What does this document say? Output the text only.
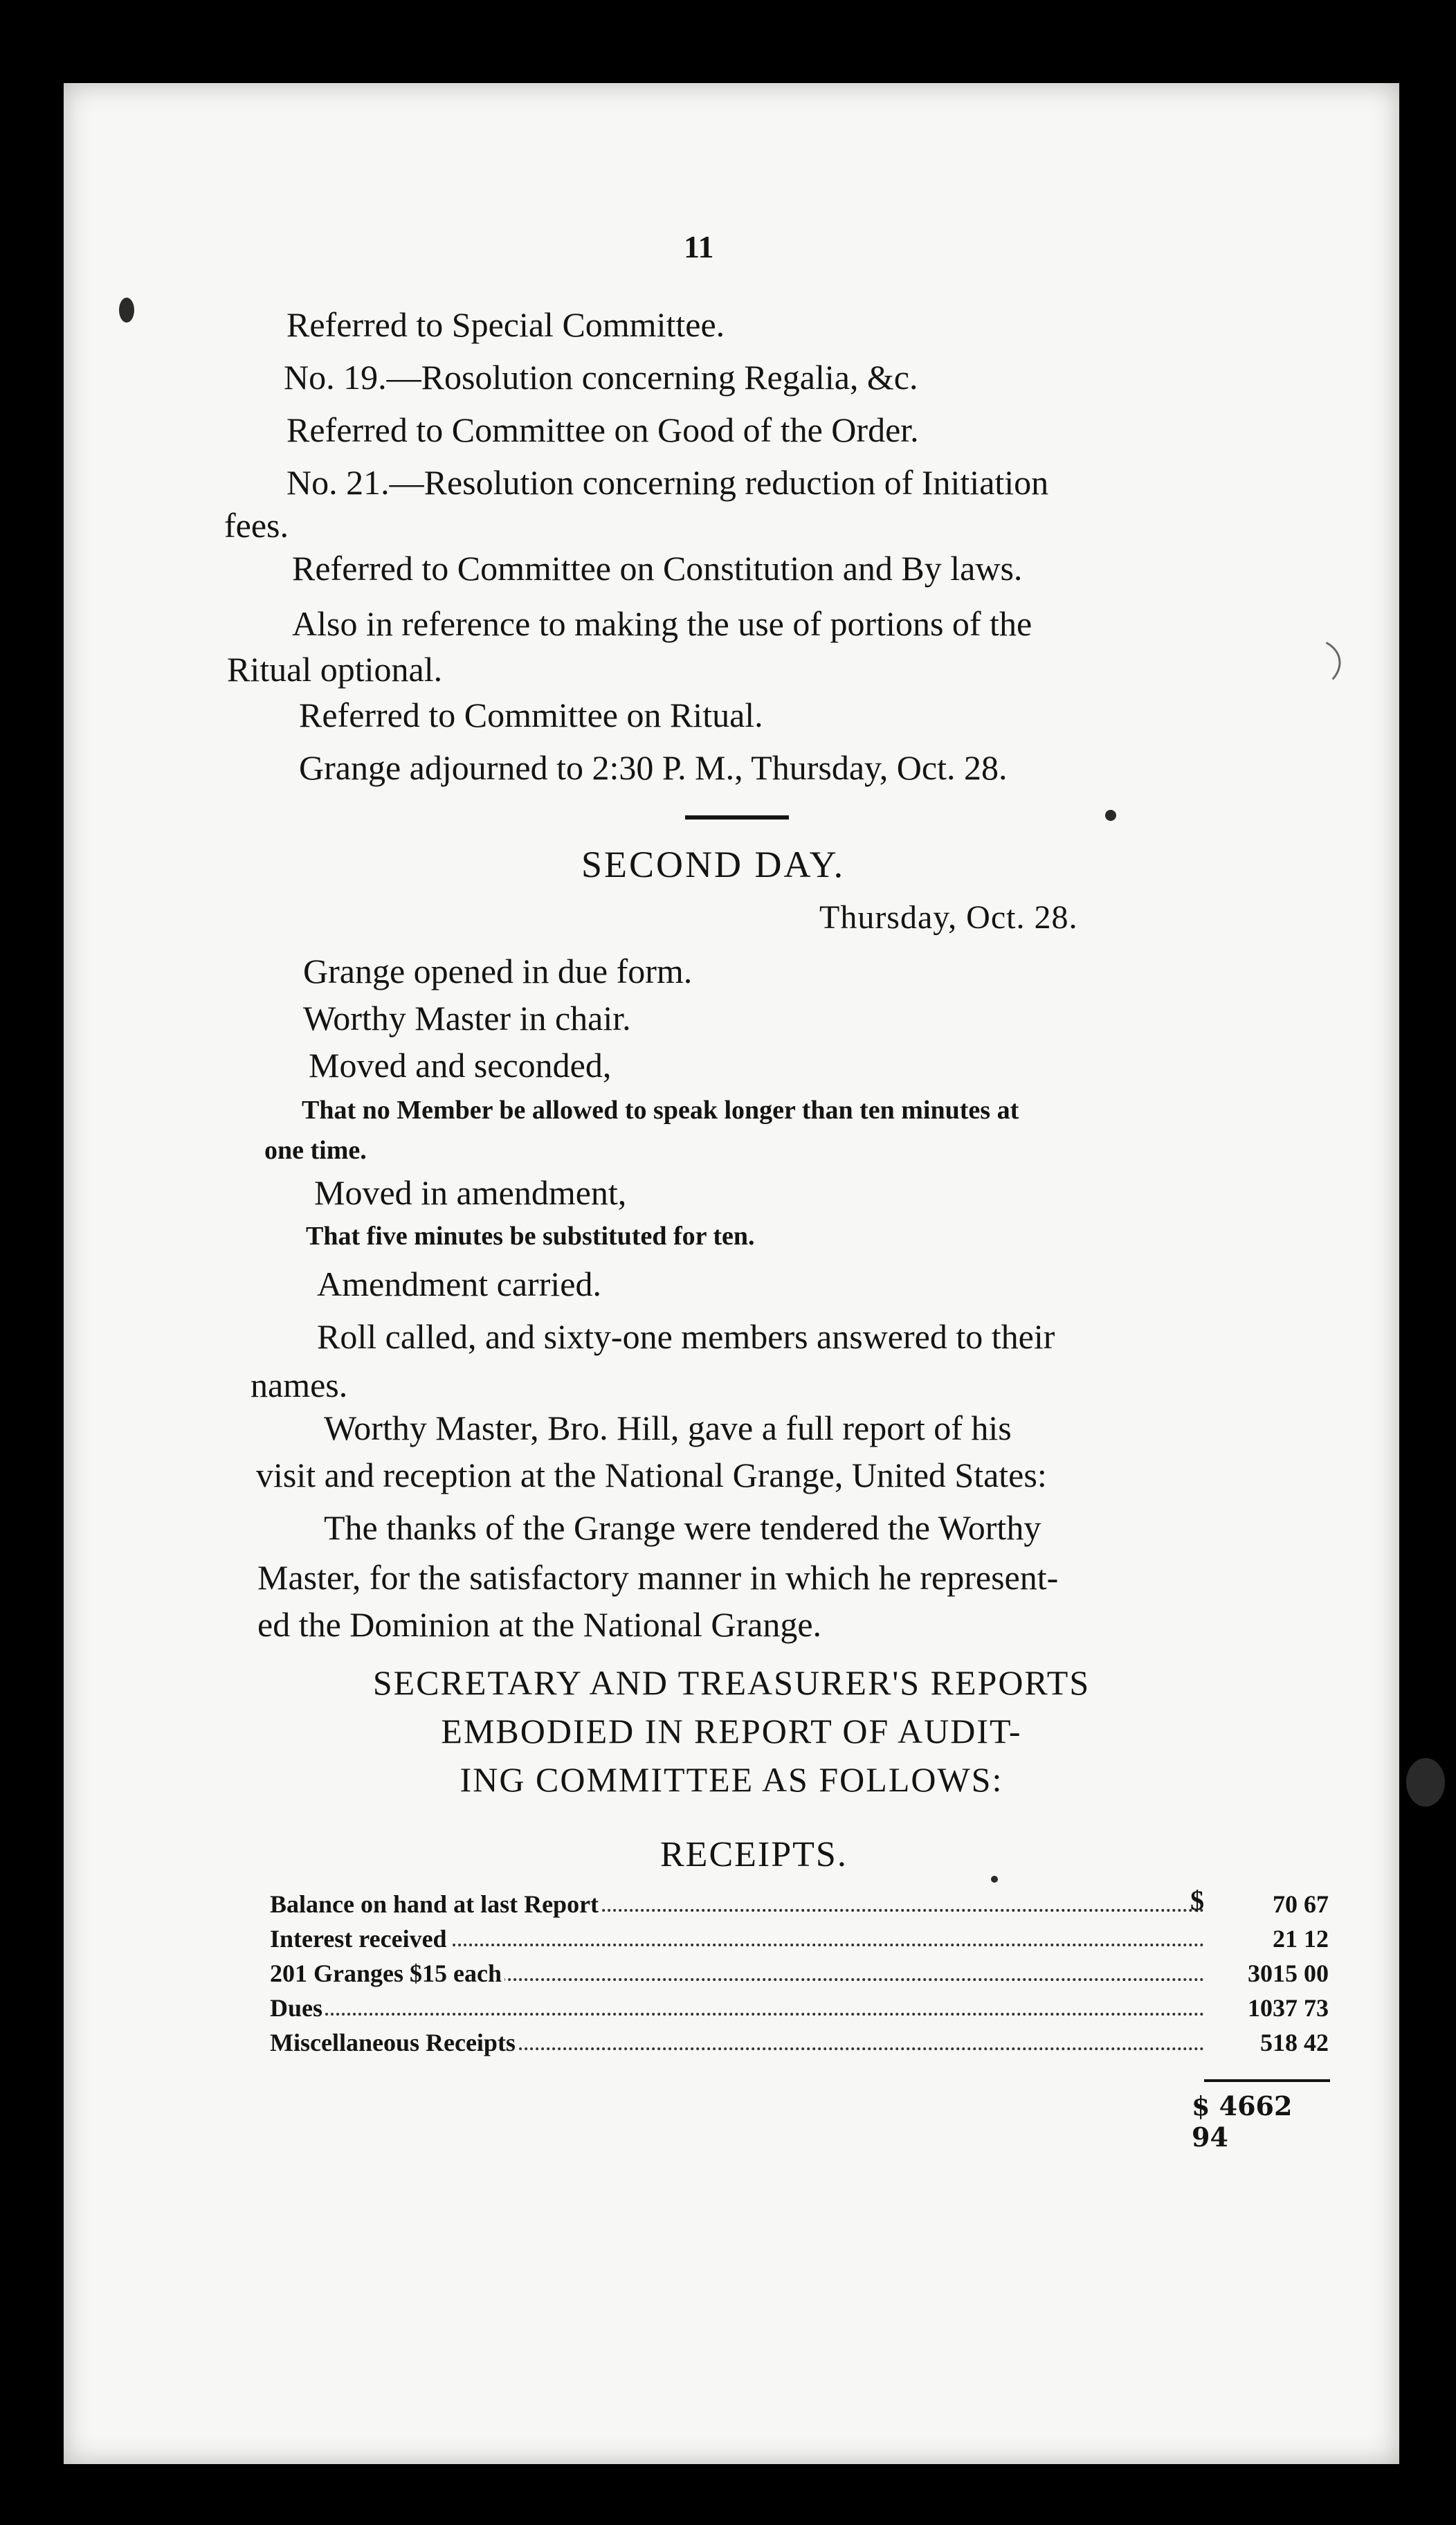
11
Referred to Special Committee.
No. 19.—Rosolution concerning Regalia, &c.
Referred to Committee on Good of the Order.
No. 21.—Resolution concerning reduction of Initiation
fees.
Referred to Committee on Constitution and By laws.
Also in reference to making the use of portions of the
Ritual optional.
Referred to Committee on Ritual.
Grange adjourned to 2:30 P. M., Thursday, Oct. 28.
SECOND DAY.
Thursday, Oct. 28.
Grange opened in due form.
Worthy Master in chair.
Moved and seconded,
That no Member be allowed to speak longer than ten minutes at
one time.
Moved in amendment,
That five minutes be substituted for ten.
Amendment carried.
Roll called, and sixty-one members answered to their
names.
Worthy Master, Bro. Hill, gave a full report of his
visit and reception at the National Grange, United States:
The thanks of the Grange were tendered the Worthy
Master, for the satisfactory manner in which he represent-
ed the Dominion at the National Grange.
SECRETARY AND TREASURER'S REPORTS
EMBODIED IN REPORT OF AUDIT-
ING COMMITTEE AS FOLLOWS:
RECEIPTS.
Balance on hand at last Report	$	70 67
Interest received	21 12
201 Granges $15 each	3015 00
Dues	1037 73
Miscellaneous Receipts	518 42
$ 4662 94
